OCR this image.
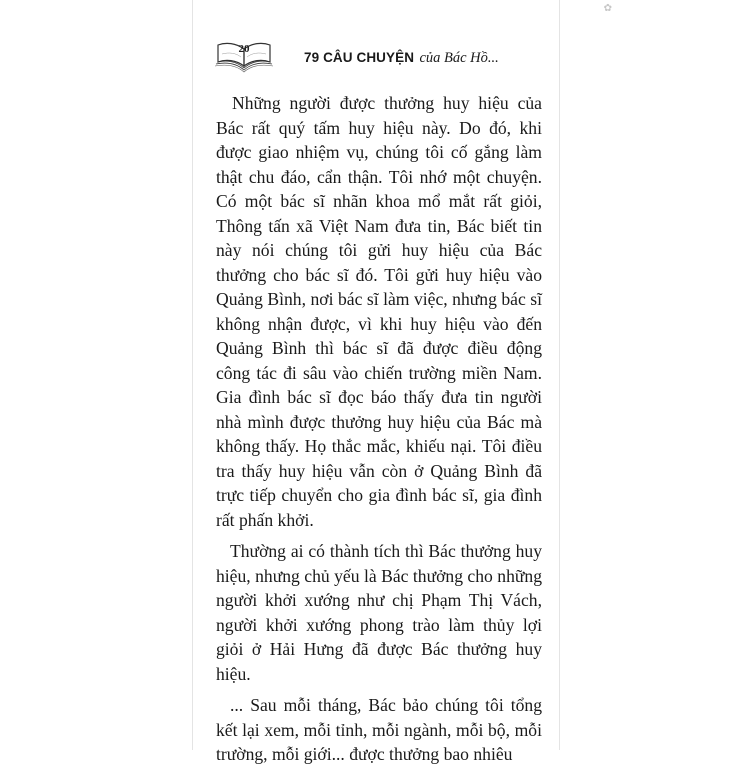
✿
20
79 CÂU CHUYỆN của Bác Hồ...

Những người được thưởng huy hiệu của Bác rất quý tấm huy hiệu này. Do đó, khi được giao nhiệm vụ, chúng tôi cố gắng làm thật chu đáo, cẩn thận. Tôi nhớ một chuyện. Có một bác sĩ nhãn khoa mổ mắt rất giỏi, Thông tấn xã Việt Nam đưa tin, Bác biết tin này nói chúng tôi gửi huy hiệu của Bác thưởng cho bác sĩ đó. Tôi gửi huy hiệu vào Quảng Bình, nơi bác sĩ làm việc, nhưng bác sĩ không nhận được, vì khi huy hiệu vào đến Quảng Bình thì bác sĩ đã được điều động công tác đi sâu vào chiến trường miền Nam. Gia đình bác sĩ đọc báo thấy đưa tin người nhà mình được thưởng huy hiệu của Bác mà không thấy. Họ thắc mắc, khiếu nại. Tôi điều tra thấy huy hiệu vẫn còn ở Quảng Bình đã trực tiếp chuyển cho gia đình bác sĩ, gia đình rất phấn khởi.

Thường ai có thành tích thì Bác thưởng huy hiệu, nhưng chủ yếu là Bác thưởng cho những người khởi xướng như chị Phạm Thị Vách, người khởi xướng phong trào làm thủy lợi giỏi ở Hải Hưng đã được Bác thưởng huy hiệu.

... Sau mỗi tháng, Bác bảo chúng tôi tổng kết lại xem, mỗi tỉnh, mỗi ngành, mỗi bộ, mỗi trường, mỗi giới... được thưởng bao nhiêu
